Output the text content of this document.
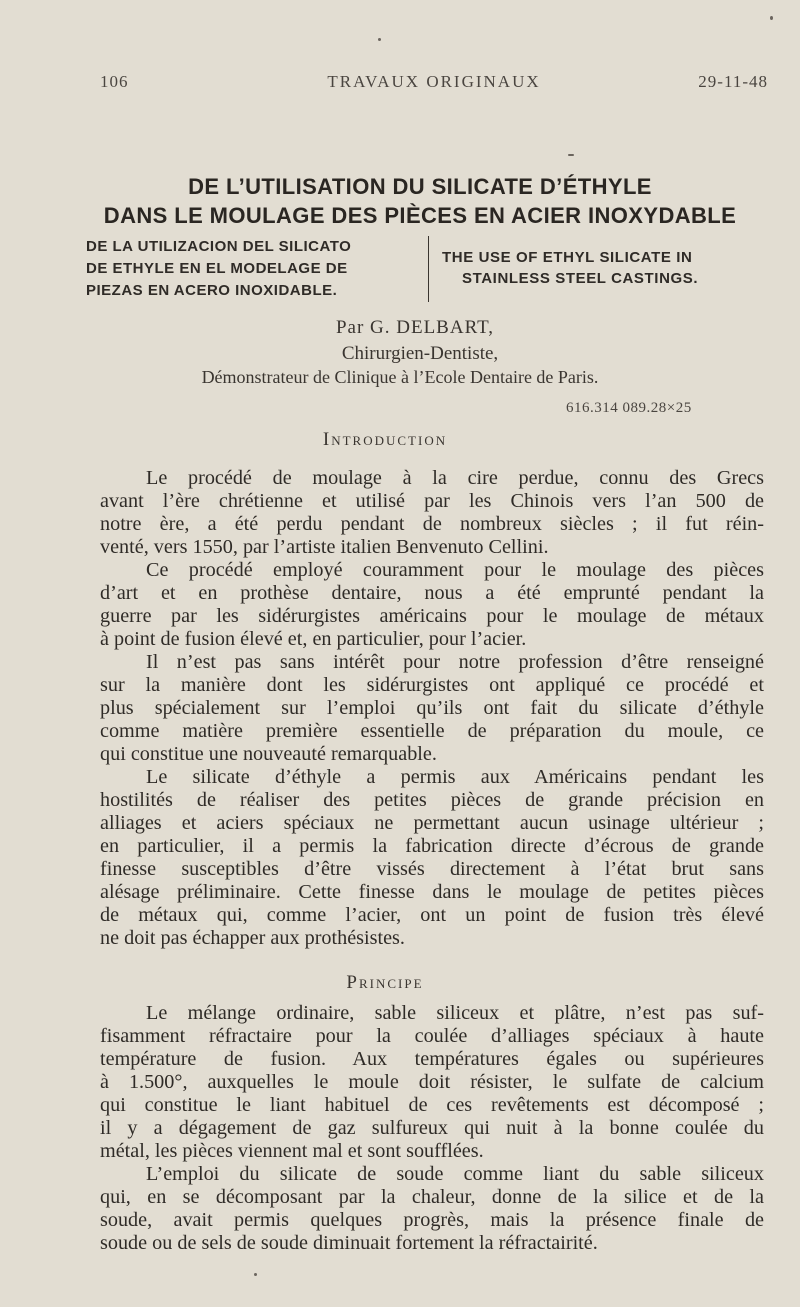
106	TRAVAUX ORIGINAUX	29-11-48
DE L’UTILISATION DU SILICATE D’ÉTHYLE
DANS LE MOULAGE DES PIÈCES EN ACIER INOXYDABLE
DE LA UTILIZACION DEL SILICATO
DE ETHYLE EN EL MODELAGE DE
PIEZAS EN ACERO INOXIDABLE.
THE USE OF ETHYL SILICATE IN
STAINLESS STEEL CASTINGS.
Par G. DELBART,
Chirurgien-Dentiste,
Démonstrateur de Clinique à l’Ecole Dentaire de Paris.
616.314 089.28×25
Introduction

Le procédé de moulage à la cire perdue, connu des Grecs
avant l’ère chrétienne et utilisé par les Chinois vers l’an 500 de
notre ère, a été perdu pendant de nombreux siècles ; il fut réin-
venté, vers 1550, par l’artiste italien Benvenuto Cellini.

Ce procédé employé couramment pour le moulage des pièces
d’art et en prothèse dentaire, nous a été emprunté pendant la
guerre par les sidérurgistes américains pour le moulage de métaux
à point de fusion élevé et, en particulier, pour l’acier.

Il n’est pas sans intérêt pour notre profession d’être renseigné
sur la manière dont les sidérurgistes ont appliqué ce procédé et
plus spécialement sur l’emploi qu’ils ont fait du silicate d’éthyle
comme matière première essentielle de préparation du moule, ce
qui constitue une nouveauté remarquable.

Le silicate d’éthyle a permis aux Américains pendant les
hostilités de réaliser des petites pièces de grande précision en
alliages et aciers spéciaux ne permettant aucun usinage ultérieur ;
en particulier, il a permis la fabrication directe d’écrous de grande
finesse susceptibles d’être vissés directement à l’état brut sans
alésage préliminaire. Cette finesse dans le moulage de petites pièces
de métaux qui, comme l’acier, ont un point de fusion très élevé
ne doit pas échapper aux prothésistes.

Principe

Le mélange ordinaire, sable siliceux et plâtre, n’est pas suf-
fisamment réfractaire pour la coulée d’alliages spéciaux à haute
température de fusion. Aux températures égales ou supérieures
à 1.500°, auxquelles le moule doit résister, le sulfate de calcium
qui constitue le liant habituel de ces revêtements est décomposé ;
il y a dégagement de gaz sulfureux qui nuit à la bonne coulée du
métal, les pièces viennent mal et sont soufflées.

L’emploi du silicate de soude comme liant du sable siliceux
qui, en se décomposant par la chaleur, donne de la silice et de la
soude, avait permis quelques progrès, mais la présence finale de
soude ou de sels de soude diminuait fortement la réfractairité.
